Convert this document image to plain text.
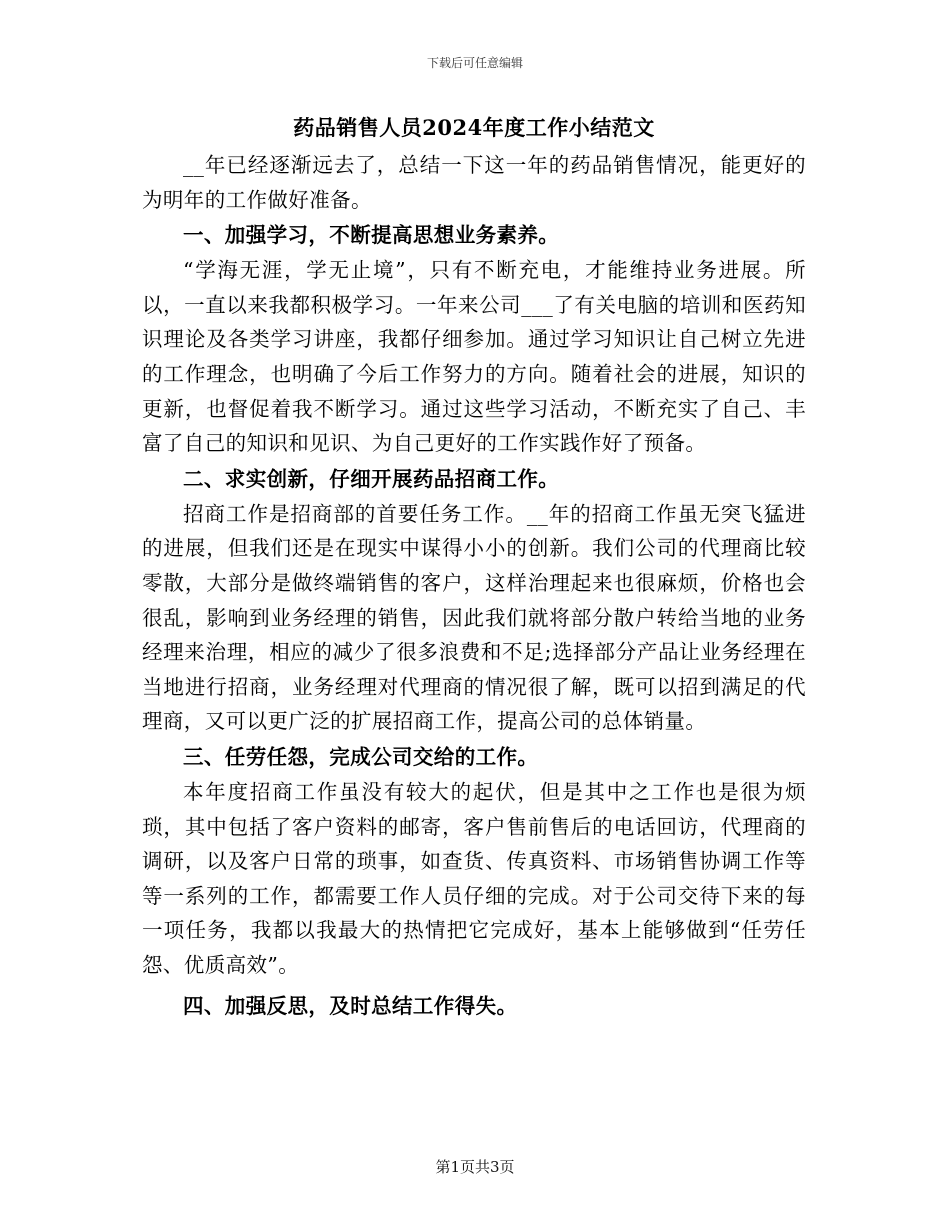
下载后可任意编辑
药品销售人员2024年度工作小结范文

__年已经逐渐远去了，总结一下这一年的药品销售情况，能更好的为明年的工作做好准备。

一、加强学习，不断提高思想业务素养。

“学海无涯，学无止境”，只有不断充电，才能维持业务进展。所以，一直以来我都积极学习。一年来公司___了有关电脑的培训和医药知识理论及各类学习讲座，我都仔细参加。通过学习知识让自己树立先进的工作理念，也明确了今后工作努力的方向。随着社会的进展，知识的更新，也督促着我不断学习。通过这些学习活动，不断充实了自己、丰富了自己的知识和见识、为自己更好的工作实践作好了预备。

二、求实创新，仔细开展药品招商工作。

招商工作是招商部的首要任务工作。__年的招商工作虽无突飞猛进的进展，但我们还是在现实中谋得小小的创新。我们公司的代理商比较零散，大部分是做终端销售的客户，这样治理起来也很麻烦，价格也会很乱，影响到业务经理的销售，因此我们就将部分散户转给当地的业务经理来治理，相应的减少了很多浪费和不足;选择部分产品让业务经理在当地进行招商，业务经理对代理商的情况很了解，既可以招到满足的代理商，又可以更广泛的扩展招商工作，提高公司的总体销量。

三、任劳任怨，完成公司交给的工作。

本年度招商工作虽没有较大的起伏，但是其中之工作也是很为烦琐，其中包括了客户资料的邮寄，客户售前售后的电话回访，代理商的调研，以及客户日常的琐事，如查货、传真资料、市场销售协调工作等等一系列的工作，都需要工作人员仔细的完成。对于公司交待下来的每一项任务，我都以我最大的热情把它完成好，基本上能够做到“任劳任怨、优质高效”。

四、加强反思，及时总结工作得失。

第1页共3页
